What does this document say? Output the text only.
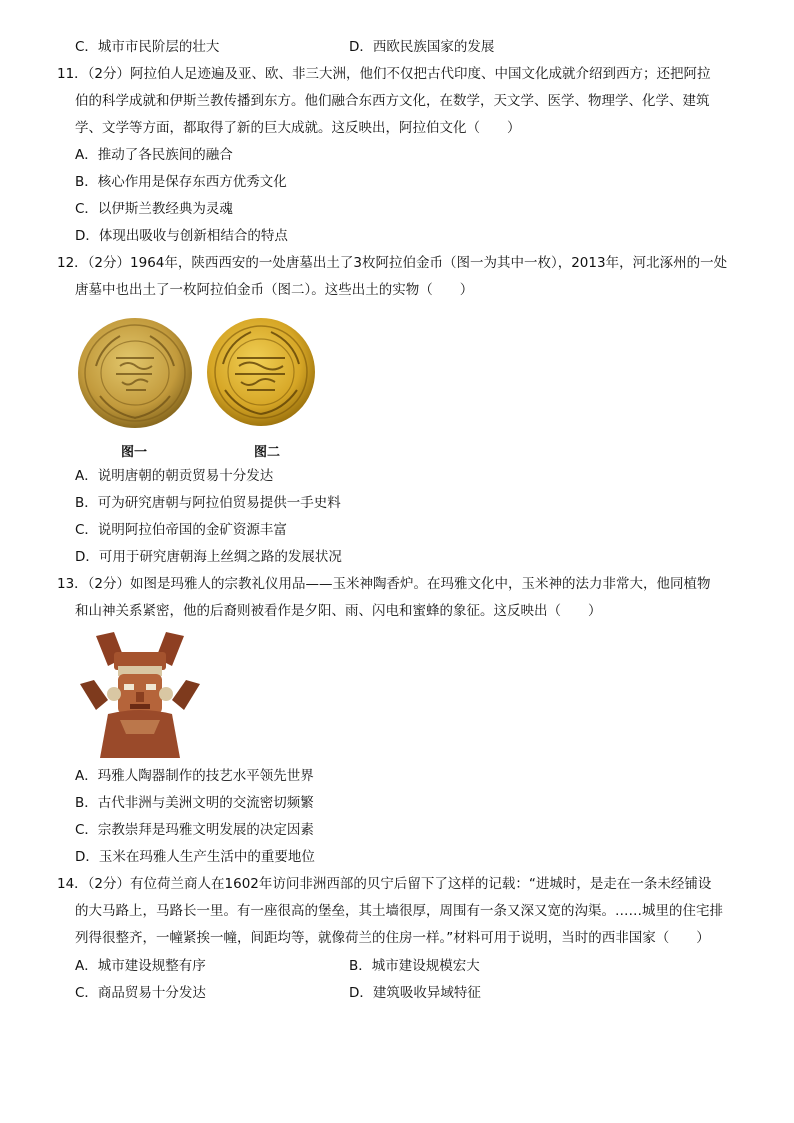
C．城市市民阶层的壮大	D．西欧民族国家的发展
11．（2分）阿拉伯人足迹遍及亚、欧、非三大洲，他们不仅把古代印度、中国文化成就介绍到西方；还把阿拉
伯的科学成就和伊斯兰教传播到东方。他们融合东西方文化，在数学，天文学、医学、物理学、化学、建筑
学、文学等方面，都取得了新的巨大成就。这反映出，阿拉伯文化（　　）
A．推动了各民族间的融合
B．核心作用是保存东西方优秀文化
C．以伊斯兰教经典为灵魂
D．体现出吸收与创新相结合的特点
12．（2分）1964年，陕西西安的一处唐墓出土了3枚阿拉伯金币（图一为其中一枚），2013年，河北涿州的一处
唐墓中也出土了一枚阿拉伯金币（图二）。这些出土的实物（　　）
图一	图二
A．说明唐朝的朝贡贸易十分发达
B．可为研究唐朝与阿拉伯贸易提供一手史料
C．说明阿拉伯帝国的金矿资源丰富
D．可用于研究唐朝海上丝绸之路的发展状况
13．（2分）如图是玛雅人的宗教礼仪用品——玉米神陶香炉。在玛雅文化中，玉米神的法力非常大，他同植物
和山神关系紧密，他的后裔则被看作是夕阳、雨、闪电和蜜蜂的象征。这反映出（　　）
A．玛雅人陶器制作的技艺水平领先世界
B．古代非洲与美洲文明的交流密切频繁
C．宗教崇拜是玛雅文明发展的决定因素
D．玉米在玛雅人生产生活中的重要地位
14．（2分）有位荷兰商人在1602年访问非洲西部的贝宁后留下了这样的记载：“进城时，是走在一条未经铺设
的大马路上，马路长一里。有一座很高的堡垒，其土墙很厚，周围有一条又深又宽的沟渠。……城里的住宅排
列得很整齐，一幢紧挨一幢，间距均等，就像荷兰的住房一样。”材料可用于说明，当时的西非国家（　　）
A．城市建设规整有序	B．城市建设规模宏大
C．商品贸易十分发达	D．建筑吸收异域特征
